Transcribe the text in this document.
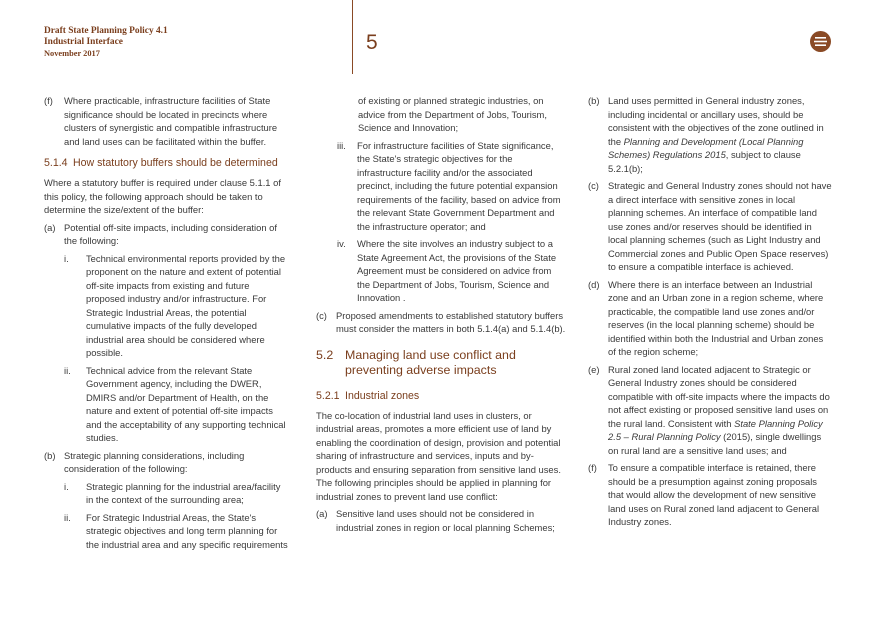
Draft State Planning Policy 4.1
Industrial Interface
November 2017	5
(f)	Where practicable, infrastructure facilities of State significance should be located in precincts where clusters of synergistic and compatible infrastructure and land uses can be facilitated within the buffer.
5.1.4 How statutory buffers should be determined
Where a statutory buffer is required under clause 5.1.1 of this policy, the following approach should be taken to determine the size/extent of the buffer:
(a) Potential off-site impacts, including consideration of the following:
i.	Technical environmental reports provided by the proponent on the nature and extent of potential off-site impacts from existing and future proposed industry and/or infrastructure. For Strategic Industrial Areas, the potential cumulative impacts of the fully developed industrial area should be considered where possible.
ii.	Technical advice from the relevant State Government agency, including the DWER, DMIRS and/or Department of Health, on the nature and extent of potential off-site impacts and the acceptability of any supporting technical studies.
(b) Strategic planning considerations, including consideration of the following:
i.	Strategic planning for the industrial area/facility in the context of the surrounding area;
ii.	For Strategic Industrial Areas, the State's strategic objectives and long term planning for the industrial area and any specific requirements
of existing or planned strategic industries, on advice from the Department of Jobs, Tourism, Science and Innovation;
iii.	For infrastructure facilities of State significance, the State's strategic objectives for the infrastructure facility and/or the associated precinct, including the future potential expansion requirements of the facility, based on advice from the relevant State Government Department and the infrastructure operator; and
iv.	Where the site involves an industry subject to a State Agreement Act, the provisions of the State Agreement must be considered on advice from the Department of Jobs, Tourism, Science and Innovation .
(c) Proposed amendments to established statutory buffers must consider the matters in both 5.1.4(a) and 5.1.4(b).
5.2 Managing land use conflict and preventing adverse impacts
5.2.1 Industrial zones
The co-location of industrial land uses in clusters, or industrial areas, promotes a more efficient use of land by enabling the coordination of design, provision and potential sharing of infrastructure and services, inputs and by-products and ensuring separation from sensitive land uses. The following principles should be applied in planning for industrial zones to prevent land use conflict:
(a) Sensitive land uses should not be considered in industrial zones in region or local planning Schemes;
(b) Land uses permitted in General industry zones, including incidental or ancillary uses, should be consistent with the objectives of the zone outlined in the Planning and Development (Local Planning Schemes) Regulations 2015, subject to clause 5.2.1(b);
(c) Strategic and General Industry zones should not have a direct interface with sensitive zones in local planning schemes. An interface of compatible land use zones and/or reserves should be identified in local planning schemes (such as Light Industry and Commercial zones and Public Open Space reserves) to ensure a compatible interface is achieved.
(d) Where there is an interface between an Industrial zone and an Urban zone in a region scheme, where practicable, the compatible land use zones and/or reserves (in the local planning scheme) should be identified within both the Industrial and Urban zones of the region scheme;
(e) Rural zoned land located adjacent to Strategic or General Industry zones should be considered compatible with off-site impacts where the impacts do not affect existing or proposed sensitive land uses on the rural land. Consistent with State Planning Policy 2.5 – Rural Planning Policy (2015), single dwellings on rural land are a sensitive land uses; and
(f)	To ensure a compatible interface is retained, there should be a presumption against zoning proposals that would allow the development of new sensitive land uses on Rural zoned land adjacent to General Industry zones.
